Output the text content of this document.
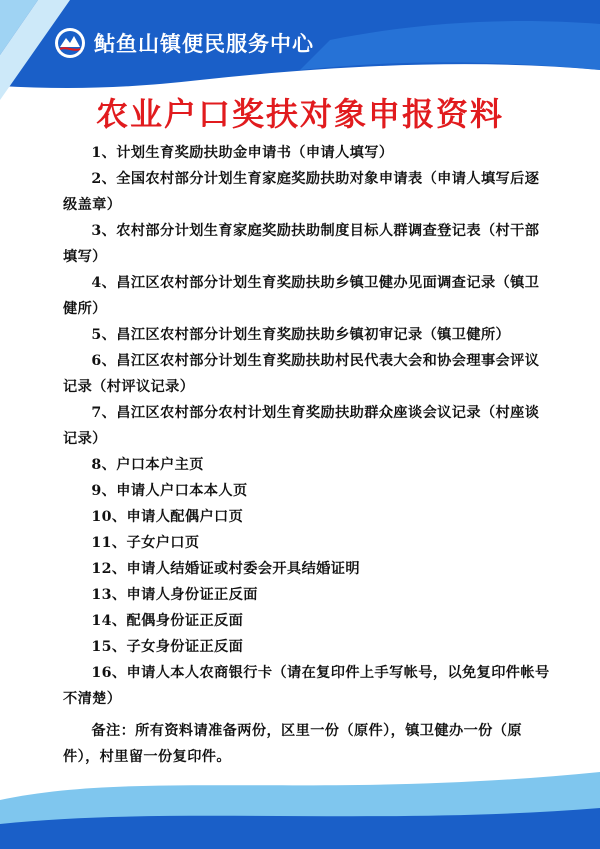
鲇鱼山镇便民服务中心
农业户口奖扶对象申报资料

1、计划生育奖励扶助金申请书（申请人填写）

2、全国农村部分计划生育家庭奖励扶助对象申请表（申请人填写后逐级盖章）

3、农村部分计划生育家庭奖励扶助制度目标人群调查登记表（村干部填写）

4、昌江区农村部分计划生育奖励扶助乡镇卫健办见面调查记录（镇卫健所）

5、昌江区农村部分计划生育奖励扶助乡镇初审记录（镇卫健所）

6、昌江区农村部分计划生育奖励扶助村民代表大会和协会理事会评议记录（村评议记录）

7、昌江区农村部分农村计划生育奖励扶助群众座谈会议记录（村座谈记录）

8、户口本户主页

9、申请人户口本本人页

10、申请人配偶户口页

11、子女户口页

12、申请人结婚证或村委会开具结婚证明

13、申请人身份证正反面

14、配偶身份证正反面

15、子女身份证正反面

16、申请人本人农商银行卡（请在复印件上手写帐号，以免复印件帐号不清楚）

备注：所有资料请准备两份，区里一份（原件），镇卫健办一份（原件），村里留一份复印件。
